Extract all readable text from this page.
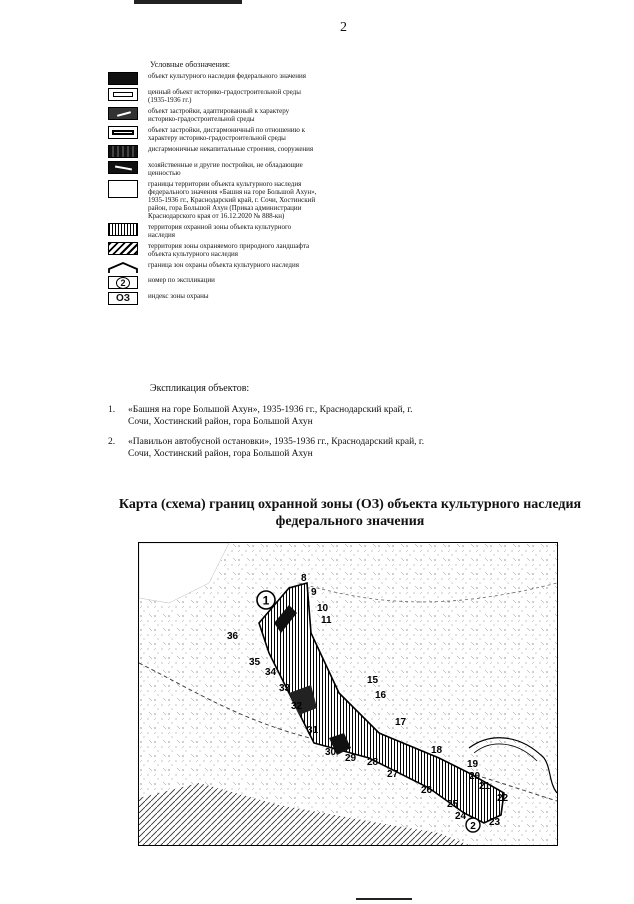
2
Условные обозначения:
объект культурного наследия федерального значения
ценный объект историко-градостроительной среды
(1935-1936 гг.)
объект застройки, адаптированный к характеру
историко-градостроительной среды
объект застройки, дисгармоничный по отношению к
характеру историко-градостроительной среды
дисгармоничные некапитальные строения, сооружения
хозяйственные и другие постройки, не обладающие
ценностью
границы территории объекта культурного наследия
федерального значения «Башня на горе Большой Ахун»,
1935-1936 гг., Краснодарский край, г. Сочи, Хостинский
район, гора Большой Ахун (Приказ администрации
Краснодарского края от 16.12.2020 № 888-кн)
территория охранной зоны объекта культурного
наследия
территория зоны охраняемого природного ландшафта
объекта культурного наследия
граница зон охраны объекта культурного наследия
2	номер по экспликации
ОЗ	индекс зоны охраны
Экспликация объектов:
1.	«Башня на горе Большой Ахун», 1935-1936 гг., Краснодарский край, г. Сочи, Хостинский район, гора Большой Ахун
2.	«Павильон автобусной остановки», 1935-1936 гг., Краснодарский край, г. Сочи, Хостинский район, гора Большой Ахун
Карта (схема) границ охранной зоны (ОЗ) объекта культурного наследия федерального значения
1
2
8
9
10
11
15
16
17
18
19
20
21
22
23
24
25
26
27
28
29
30
31
32
33
34
35
36
